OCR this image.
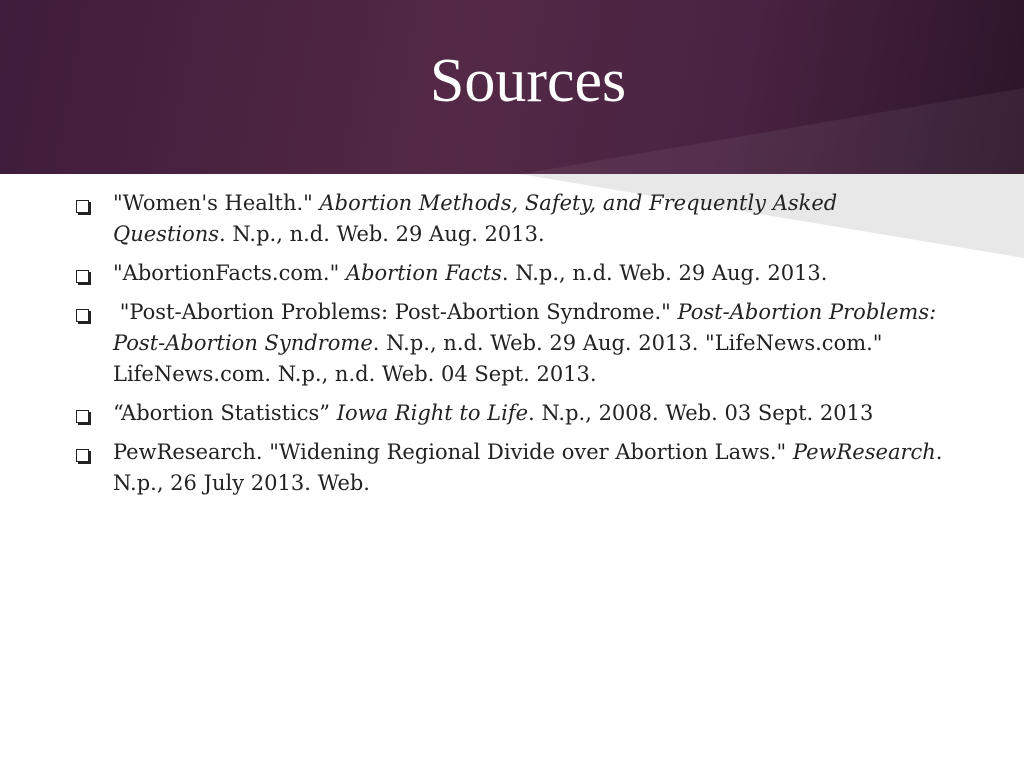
Sources
"Women's Health." Abortion Methods, Safety, and Frequently Asked Questions. N.p., n.d. Web. 29 Aug. 2013.
"AbortionFacts.com." Abortion Facts. N.p., n.d. Web. 29 Aug. 2013.
"Post-Abortion Problems: Post-Abortion Syndrome." Post-Abortion Problems: Post-Abortion Syndrome. N.p., n.d. Web. 29 Aug. 2013. "LifeNews.com." LifeNews.com. N.p., n.d. Web. 04 Sept. 2013.
“Abortion Statistics” Iowa Right to Life. N.p., 2008. Web. 03 Sept. 2013
PewResearch. "Widening Regional Divide over Abortion Laws." PewResearch. N.p., 26 July 2013. Web.
